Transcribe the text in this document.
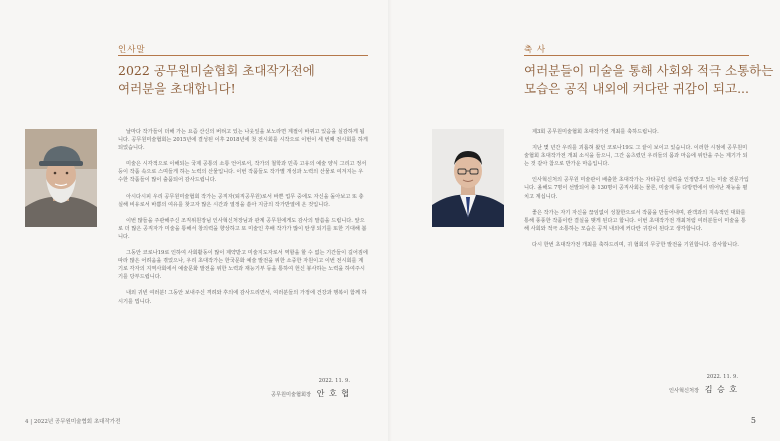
인사말
2022 공무원미술협회 초대작가전에
여러분을 초대합니다!

날마다 작가들이 더해 가는 요즘 산신의 버텨고 있는 나웃잎을 보노라면 계절이 바뀌고 있음을 실감하게 됩니다. 공무원미술협회는 2015년에 결성된 이후 2018년에 첫 전시회를 시작으로 이번이 세 번째 전시회를 하게 되었습니다.

미술은 시각적으로 이해되는 국제 공통의 소통 언어로서, 작가의 철학과 민족 고유의 예술 양식 그리고 정서 등이 작품 속으로 스며들게 하는 노력의 산물입니다. 이번 작품들도 작가별 개성과 노력의 산물로 여겨지는 우수한 작품들이 많이 출품되어 감사드립니다.

아시다시피 우리 공무원미술협회 작가는 공직자(퇴직공무원)로서 바쁜 업무 중에도 자신을 돌아보고 또 충실해 비유로서 바쁨의 여유를 찾고자 많은 시간과 열정을 쏟아 지금의 작가반열에 온 것입니다.

이번 많들을 주관해주신 조직위원장님 인사혁신처장님과 관계 공무원에게도 감사의 말씀을 드립니다. 앞으로 더 많은 공직자가 미술을 통해서 창의력을 향상하고 또 미술인 후배 작가가 많이 탄생 되기를 또한 기대해 봅니다.

그동안 코로나19로 인하여 사회활동이 많이 제약받고 미술지도자로서 역할을 할 수 없는 기간들이 길어짐에 따라 많은 어려움을 겪었으나, 우리 초대작가는 한국문화 예술 발전을 위한 소중한 자원이고 이번 전시회를 계기로 각자의 지역사회에서 예술문화 발전을 위한 노력과 재능기부 등을 통하여 헌신 봉사하는 노력을 하여주시기를 당부드립니다.

내외 귀빈 여러분! 그동안 보내주신 격려와 후의에 감사드리면서, 여러분들의 가정에 건강과 행복이 함께 하시기를 빕니다.

2022. 11. 9.
공무원미술협회장 안 호 협
4 | 2022년 공무원미술협회 초대작가전
축 사
여러분들이 미술을 통해 사회와 적극 소통하는
모습은 공직 내외에 커다란 귀감이 되고...

제3회 공무원미술협회 초대작가전 개최를 축하드립니다.

지난 몇 년간 우리를 괴롭혀 왔던 코로나19도 그 끝이 보이고 있습니다. 이러한 시점에 공무원미술협회 초대작가전 개최 소식을 들으니, 그간 움츠렸던 우리들의 몸과 마음에 위안을 주는 계기가 되는 것 같아 참으로 반가운 마음입니다.

인사혁신처의 공무원 미술관이 배출한 초대작가는 자타공인 실력을 인정받고 있는 미술 전문가입니다. 올해도 7명이 선발되어 총 130명이 공직사회는 물론, 미술계 등 다방면에서 뛰어난 재능을 펼치고 계십니다.

좋은 작가는 자기 자신을 끊임없이 성찰한으로서 작품을 만들어내며, 관객과의 지속적인 대화를 통해 풍풍한 작품이란 결실을 맺게 된다고 합니다. 이번 초대작가전 개최처럼 여러분들이 미술을 통해 사회와 적극 소통하는 모습은 공직 내외에 커다란 귀감이 된다고 생각합니다.

다시 한번 초대작가전 개최를 축하드리며, 귀 협회의 무궁한 발전을 기원합니다. 감사합니다.

2022. 11. 9.
인사혁신처장 김 승 호
5
